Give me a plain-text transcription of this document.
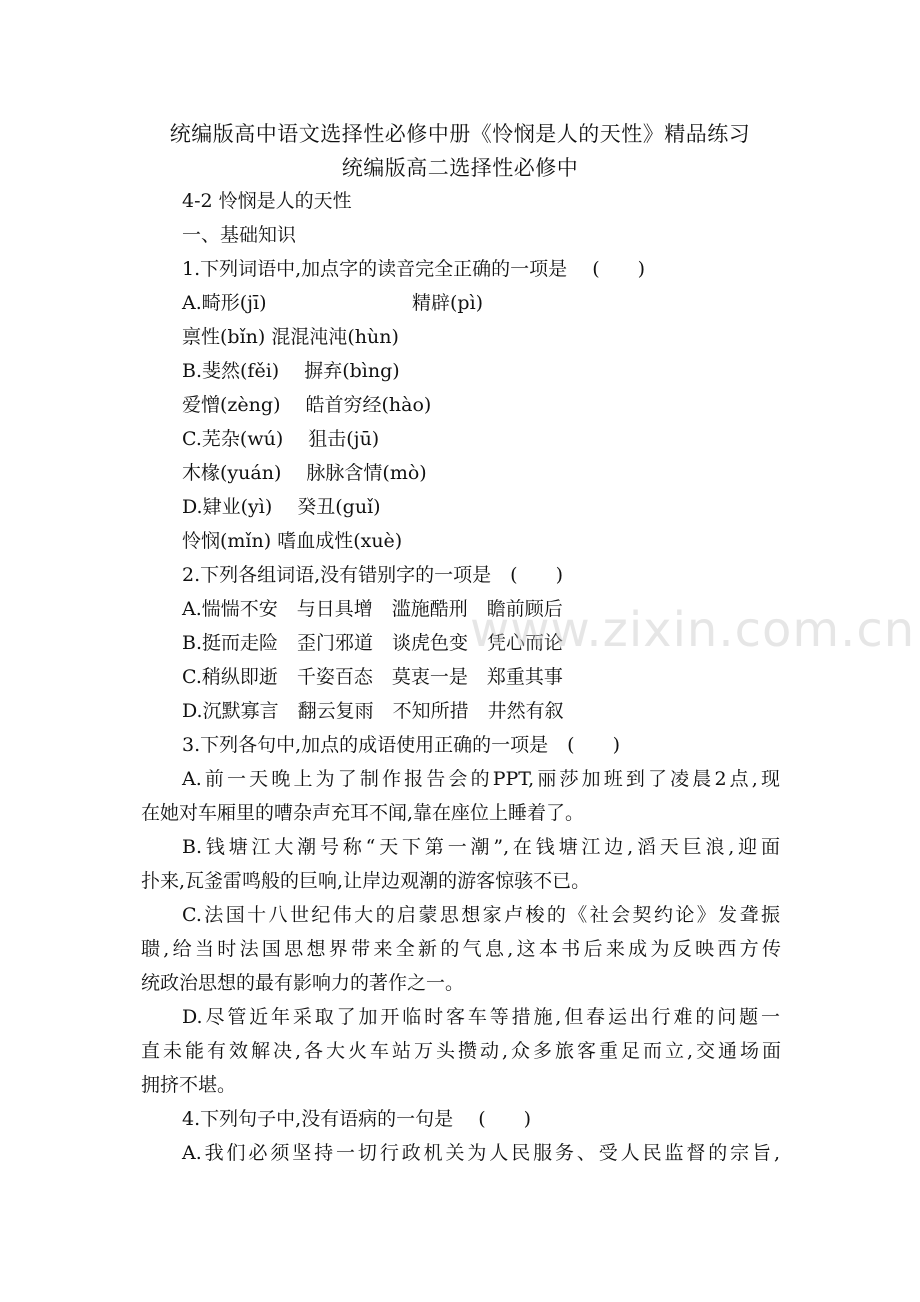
统编版高中语文选择性必修中册《怜悯是人的天性》精品练习
统编版高二选择性必修中
4-2 怜悯是人的天性
一、基础知识
1.下列词语中,加点字的读音完全正确的一项是　 (　　)
A.畸形(jī)	精辟(pì)
禀性(bǐn) 混混沌沌(hùn)
B.斐然(fěi)　 摒弃(bìng)
爱憎(zèng)　 皓首穷经(hào)
C.芜杂(wú)　 狙击(jū)
木椽(yuán)　 脉脉含情(mò)
D.肄业(yì)　 癸丑(guǐ)
怜悯(mǐn) 嗜血成性(xuè)
2.下列各组词语,没有错别字的一项是　(　　)
A.惴惴不安　与日具增　滥施酷刑　瞻前顾后
B.挺而走险　歪门邪道　谈虎色变　凭心而论
C.稍纵即逝　千姿百态　莫衷一是　郑重其事
D.沉默寡言　翻云复雨　不知所措　井然有叙
3.下列各句中,加点的成语使用正确的一项是　(　　)
A.前一天晚上为了制作报告会的PPT,丽莎加班到了凌晨2点,现
在她对车厢里的嘈杂声充耳不闻,靠在座位上睡着了。
B.钱塘江大潮号称“天下第一潮”,在钱塘江边,滔天巨浪,迎面
扑来,瓦釜雷鸣般的巨响,让岸边观潮的游客惊骇不已。
C.法国十八世纪伟大的启蒙思想家卢梭的《社会契约论》发聋振
聩,给当时法国思想界带来全新的气息,这本书后来成为反映西方传
统政治思想的最有影响力的著作之一。
D.尽管近年采取了加开临时客车等措施,但春运出行难的问题一
直未能有效解决,各大火车站万头攒动,众多旅客重足而立,交通场面
拥挤不堪。
4.下列句子中,没有语病的一句是　 (　　)
A.我们必须坚持一切行政机关为人民服务、受人民监督的宗旨,
www.zixin.com.cn
